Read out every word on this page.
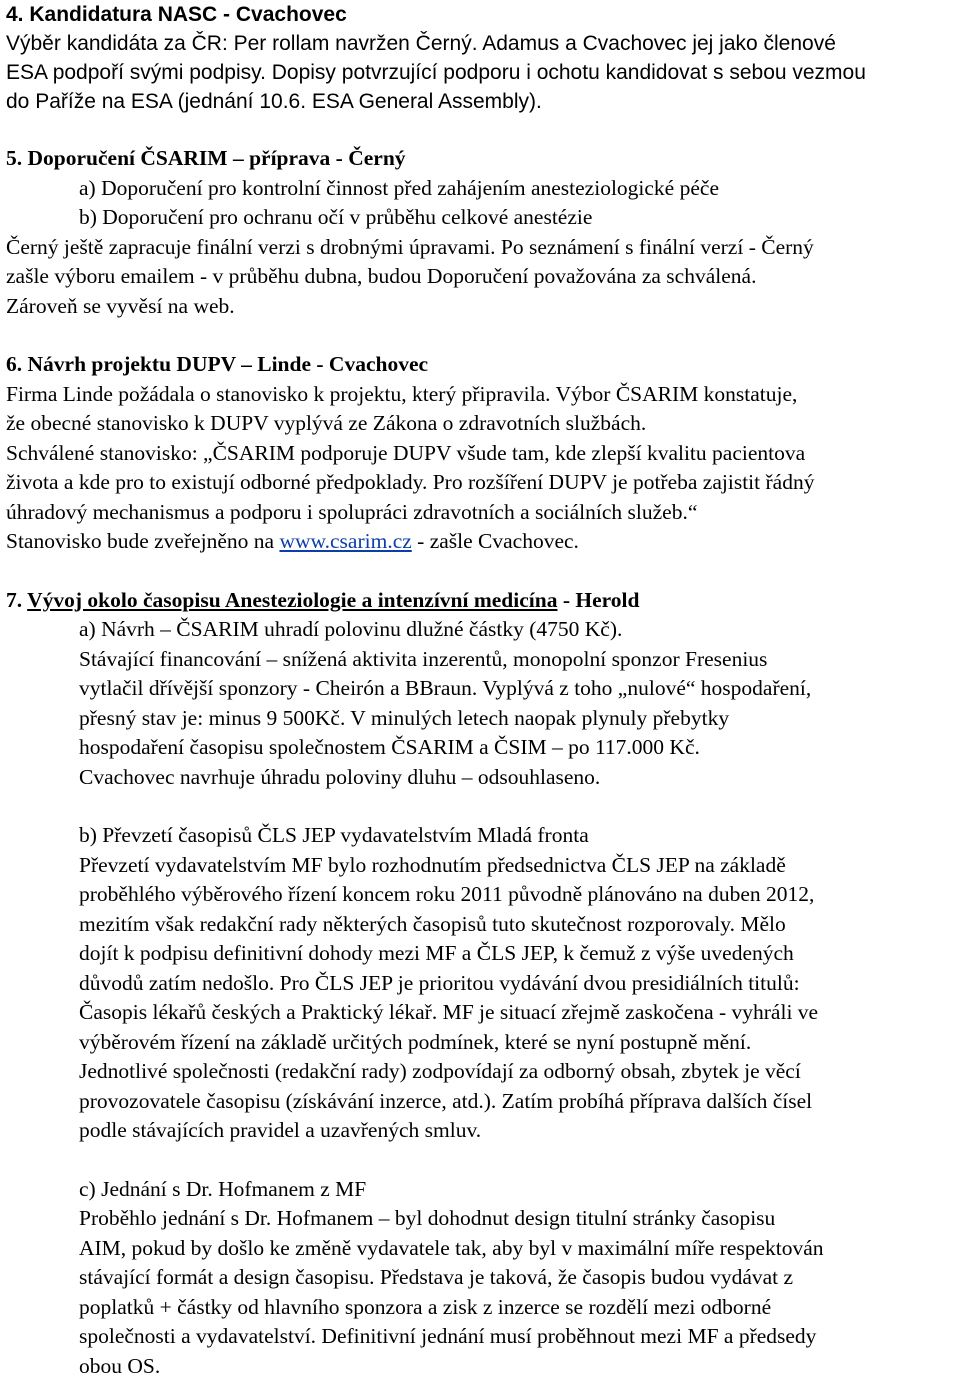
4. Kandidatura NASC - Cvachovec
Výběr kandidáta za ČR: Per rollam navržen Černý. Adamus a Cvachovec jej jako členové
ESA podpoří svými podpisy. Dopisy potvrzující podporu i ochotu kandidovat s sebou vezmou
do Paříže na ESA (jednání 10.6. ESA General Assembly).
5. Doporučení ČSARIM – příprava - Černý
a) Doporučení pro kontrolní činnost před zahájením anesteziologické péče
b) Doporučení pro ochranu očí v průběhu celkové anestézie
Černý ještě zapracuje finální verzi s drobnými úpravami. Po seznámení s finální verzí - Černý
zašle výboru emailem - v průběhu dubna, budou Doporučení považována za schválená.
Zároveň se vyvěsí na web.
6. Návrh projektu DUPV – Linde - Cvachovec
Firma Linde požádala o stanovisko k projektu, který připravila. Výbor ČSARIM konstatuje,
že obecné stanovisko k DUPV vyplývá ze Zákona o zdravotních službách.
Schválené stanovisko: „ČSARIM podporuje DUPV všude tam, kde zlepší kvalitu pacientova
života a kde pro to existují odborné předpoklady. Pro rozšíření DUPV je potřeba zajistit řádný
úhradový mechanismus a podporu i spolupráci zdravotních a sociálních služeb.“
Stanovisko bude zveřejněno na www.csarim.cz - zašle Cvachovec.
7. Vývoj okolo časopisu Anesteziologie a intenzívní medicína - Herold
a) Návrh – ČSARIM uhradí polovinu dlužné částky (4750 Kč).
Stávající financování – snížená aktivita inzerentů, monopolní sponzor Fresenius
vytlačil dřívější sponzory - Cheirón a BBraun. Vyplývá z toho „nulové“ hospodaření,
přesný stav je: minus 9 500Kč. V minulých letech naopak plynuly přebytky
hospodaření časopisu společnostem ČSARIM a ČSIM – po 117.000 Kč.
Cvachovec navrhuje úhradu poloviny dluhu – odsouhlaseno.
b) Převzetí časopisů ČLS JEP vydavatelstvím Mladá fronta
Převzetí vydavatelstvím MF bylo rozhodnutím předsednictva ČLS JEP na základě
proběhlého výběrového řízení koncem roku 2011 původně plánováno na duben 2012,
mezitím však redakční rady některých časopisů tuto skutečnost rozporovaly. Mělo
dojít k podpisu definitivní dohody mezi MF a ČLS JEP, k čemuž z výše uvedených
důvodů zatím nedošlo. Pro ČLS JEP je prioritou vydávání dvou presidiálních titulů:
Časopis lékařů českých a Praktický lékař. MF je situací zřejmě zaskočena - vyhráli ve
výběrovém řízení na základě určitých podmínek, které se nyní postupně mění.
Jednotlivé společnosti (redakční rady) zodpovídají za odborný obsah, zbytek je věcí
provozovatele časopisu (získávání inzerce, atd.). Zatím probíhá příprava dalších čísel
podle stávajících pravidel a uzavřených smluv.
c) Jednání s Dr. Hofmanem z MF
Proběhlo jednání s Dr. Hofmanem – byl dohodnut design titulní stránky časopisu
AIM, pokud by došlo ke změně vydavatele tak, aby byl v maximální míře respektován
stávající formát a design časopisu. Představa je taková, že časopis budou vydávat z
poplatků + částky od hlavního sponzora a zisk z inzerce se rozdělí mezi odborné
společnosti a vydavatelství. Definitivní jednání musí proběhnout mezi MF a předsedy
obou OS.
